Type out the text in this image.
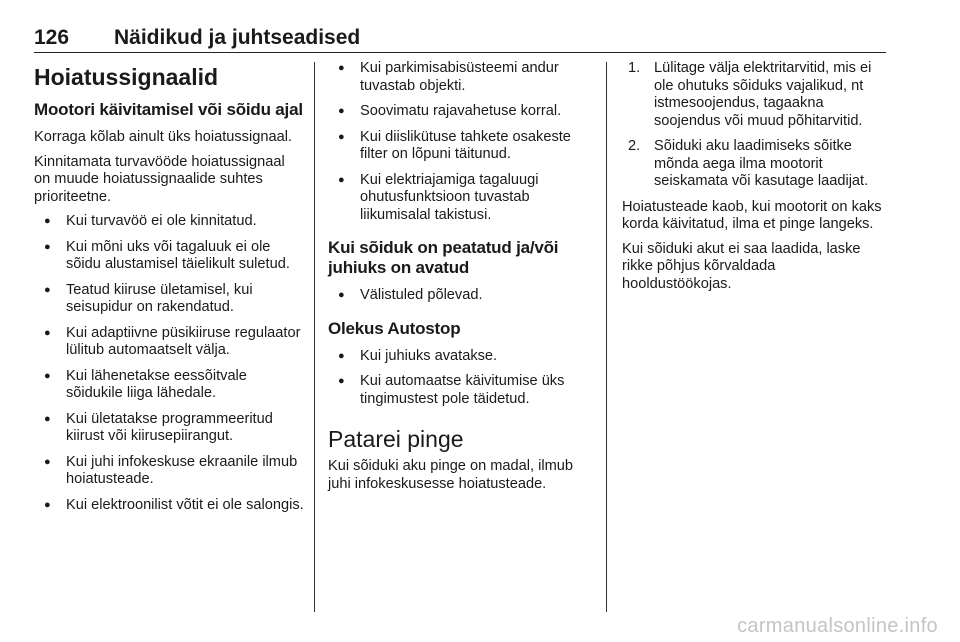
126 Näidikud ja juhtseadised
Hoiatussignaalid
Mootori käivitamisel või sõidu ajal

Korraga kõlab ainult üks hoiatussignaal.

Kinnitamata turvavööde hoiatussignaal on muude hoiatussignaalide suhtes prioriteetne.

● Kui turvavöö ei ole kinnitatud.
● Kui mõni uks või tagaluuk ei ole sõidu alustamisel täielikult suletud.
● Teatud kiiruse ületamisel, kui seisupidur on rakendatud.
● Kui adaptiivne püsikiiruse regulaator lülitub automaatselt välja.
● Kui lähenetakse eessõitvale sõidukile liiga lähedale.
● Kui ületatakse programmeeritud kiirust või kiirusepiirangut.
● Kui juhi infokeskuse ekraanile ilmub hoiatusteade.
● Kui elektroonilist võtit ei ole salongis.
● Kui parkimisabisüsteemi andur tuvastab objekti.
● Soovimatu rajavahetuse korral.
● Kui diislikütuse tahkete osakeste filter on lõpuni täitunud.
● Kui elektriajamiga tagaluugi ohutusfunktsioon tuvastab liikumisalal takistusi.
Kui sõiduk on peatatud ja/või juhiuks on avatud
● Välistuled põlevad.
Olekus Autostop
● Kui juhiuks avatakse.
● Kui automaatse käivitumise üks tingimustest pole täidetud.
Patarei pinge

Kui sõiduki aku pinge on madal, ilmub juhi infokeskusesse hoiatusteade.

1. Lülitage välja elektritarvitid, mis ei ole ohutuks sõiduks vajalikud, nt istmesoojendus, tagaakna soojendus või muud põhitarvitid.
2. Sõiduki aku laadimiseks sõitke mõnda aega ilma mootorit seiskamata või kasutage laadijat.

Hoiatusteade kaob, kui mootorit on kaks korda käivitatud, ilma et pinge langeks.

Kui sõiduki akut ei saa laadida, laske rikke põhjus kõrvaldada hooldustöökojas.

carmanualsonline.info
